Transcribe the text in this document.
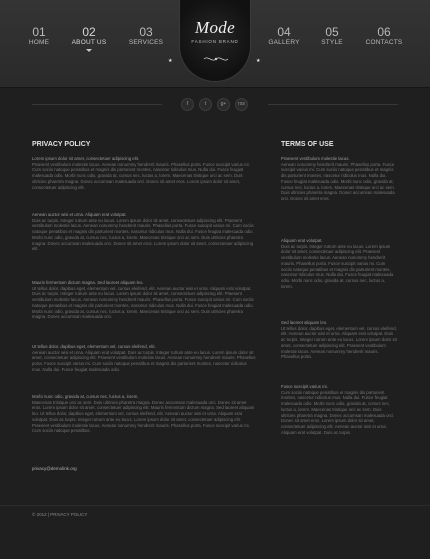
01
HOME
02
ABOUT US
03
SERVICES
Mode
FASHION BRAND
★	★
04
GALLERY
05
STYLE
06
CONTACTS
f	t	g+	rss
PRIVACY POLICY
Lorem ipsum dolor sit amet, consectetuer adipiscing elit.
Praesent vestibulum molestie lacus. Aenean nonummy hendrerit mauris. Phasellus porta. Fusce suscipit varius mi. Cum sociis natoque penatibus et magnis dis parturient montes, nascetur ridiculus mus. Nulla dui. Fusce feugiat malesuada odio. Morbi nunc odio, gravida at, cursus nec, luctus a, lorem. Maecenas tristique orci ac sem. Duis ultricies pharetra magna. Donec accumsan malesuada orci. Donec sit amet eros. Lorem ipsum dolor sit amet, consectetuer adipiscing elit.
Aenean auctor wisi et urna. Aliquam erat volutpat.
Duis ac turpis. Integer rutrum ante eu lacus. Lorem ipsum dolor sit amet, consectetuer adipiscing elit. Praesent vestibulum molestie lacus. Aenean nonummy hendrerit mauris. Phasellus porta. Fusce suscipit varius mi. Cum sociis natoque penatibus et magnis dis parturient montes, nascetur ridiculus mus. Nulla dui. Fusce feugiat malesuada odio. Morbi nunc odio, gravida at, cursus nec, luctus a, lorem. Maecenas tristique orci ac sem. Duis ultricies pharetra magna. Donec accumsan malesuada orci. Donec sit amet eros. Lorem ipsum dolor sit amet, consectetuer adipiscing elit.
Mauris fermentum dictum magna. Sed laoreet aliquam leo.
Ut tellus dolor, dapibus eget, elementum vel, cursus eleifend, elit. Aenean auctor wisi et urna. Aliquam erat volutpat. Duis ac turpis. Integer rutrum ante eu lacus. Lorem ipsum dolor sit amet, consectetuer adipiscing elit. Praesent vestibulum molestie lacus. Aenean nonummy hendrerit mauris. Phasellus porta. Fusce suscipit varius mi. Cum sociis natoque penatibus et magnis dis parturient montes, nascetur ridiculus mus. Nulla dui. Fusce feugiat malesuada odio. Morbi nunc odio, gravida at, cursus nec, luctus a, lorem. Maecenas tristique orci ac sem. Duis ultricies pharetra magna. Donec accumsan malesuada orci.
Ut tellus dolor, dapibus eget, elementum vel, cursus eleifend, elit.
Aenean auctor wisi et urna. Aliquam erat volutpat. Duis ac turpis. Integer rutrum ante eu lacus. Lorem ipsum dolor sit amet, consectetuer adipiscing elit. Praesent vestibulum molestie lacus. Aenean nonummy hendrerit mauris. Phasellus porta. Fusce suscipit varius mi. Cum sociis natoque penatibus et magnis dis parturient montes, nascetur ridiculus mus. Nulla dui. Fusce feugiat malesuada odio.
Morbi nunc odio, gravida at, cursus nec, luctus a, lorem.
Maecenas tristique orci ac sem. Duis ultricies pharetra magna. Donec accumsan malesuada orci. Donec sit amet eros. Lorem ipsum dolor sit amet, consectetuer adipiscing elit. Mauris fermentum dictum magna. Sed laoreet aliquam leo. Ut tellus dolor, dapibus eget, elementum vel, cursus eleifend, elit. Aenean auctor wisi et urna. Aliquam erat volutpat. Duis ac turpis. Integer rutrum ante eu lacus. Lorem ipsum dolor sit amet, consectetuer adipiscing elit. Praesent vestibulum molestie lacus. Aenean nonummy hendrerit mauris. Phasellus porta. Fusce suscipit varius mi. Cum sociis natoque penatibus.
privacy@demolink.org
TERMS OF USE
Praesent vestibulum molestie lacus.
Aenean nonummy hendrerit mauris. Phasellus porta. Fusce suscipit varius mi. Cum sociis natoque penatibus et magnis dis parturient montes, nascetur ridiculus mus. Nulla dui. Fusce feugiat malesuada odio. Morbi nunc odio, gravida at, cursus nec, luctus a, lorem. Maecenas tristique orci ac sem. Duis ultricies pharetra magna. Donec accumsan malesuada orci. Donec sit amet eros.
Aliquam erat volutpat.
Duis ac turpis. Integer rutrum ante eu lacus. Lorem ipsum dolor sit amet, consectetuer adipiscing elit. Praesent vestibulum molestie lacus. Aenean nonummy hendrerit mauris. Phasellus porta. Fusce suscipit varius mi. Cum sociis natoque penatibus et magnis dis parturient montes, nascetur ridiculus mus. Nulla dui. Fusce feugiat malesuada odio. Morbi nunc odio, gravida at, cursus nec, luctus a, lorem.
Sed laoreet aliquam leo.
Ut tellus dolor, dapibus eget, elementum vel, cursus eleifend, elit. Aenean auctor wisi et urna. Aliquam erat volutpat. Duis ac turpis. Integer rutrum ante eu lacus. Lorem ipsum dolor sit amet, consectetuer adipiscing elit. Praesent vestibulum molestie lacus. Aenean nonummy hendrerit mauris. Phasellus porta.
Fusce suscipit varius mi.
Cum sociis natoque penatibus et magnis dis parturient montes, nascetur ridiculus mus. Nulla dui. Fusce feugiat malesuada odio. Morbi nunc odio, gravida at, cursus nec, luctus a, lorem. Maecenas tristique orci ac sem. Duis ultricies pharetra magna. Donec accumsan malesuada orci. Donec sit amet eros. Lorem ipsum dolor sit amet, consectetuer adipiscing elit. Aenean auctor wisi et urna. Aliquam erat volutpat. Duis ac turpis.
© 2012 | PRIVACY POLICY
